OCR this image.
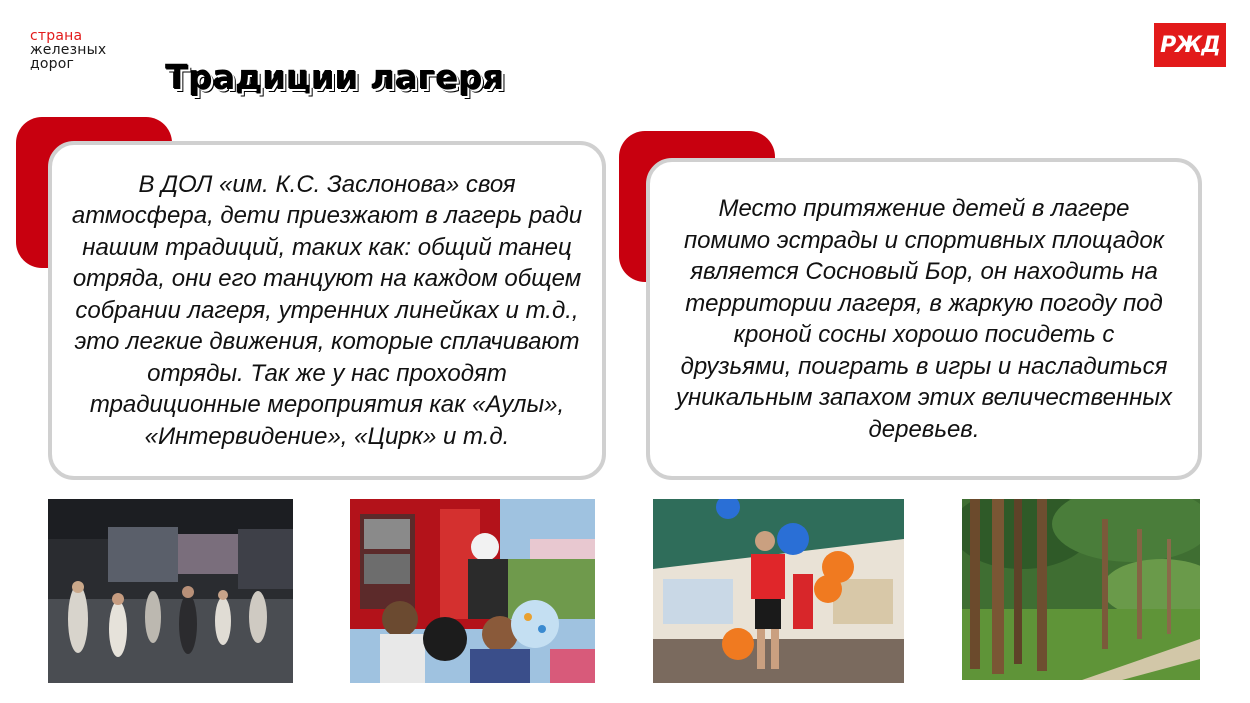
страна
железных
дорог	Традиции лагеря
РЖД

В ДОЛ «им. К.С. Заслонова» своя атмосфера, дети приезжают в лагерь ради нашим традиций, таких как: общий танец отряда, они его танцуют на каждом общем собрании лагеря, утренних линейках и т.д., это легкие движения, которые сплачивают отряды. Так же у нас проходят традиционные мероприятия как «Аулы», «Интервидение», «Цирк» и т.д.

Место притяжение детей в лагере помимо эстрады и спортивных площадок является Сосновый Бор, он находить на территории лагеря, в жаркую погоду под кроной сосны хорошо посидеть с друзьями, поиграть в игры и насладиться уникальным запахом этих величественных деревьев.
